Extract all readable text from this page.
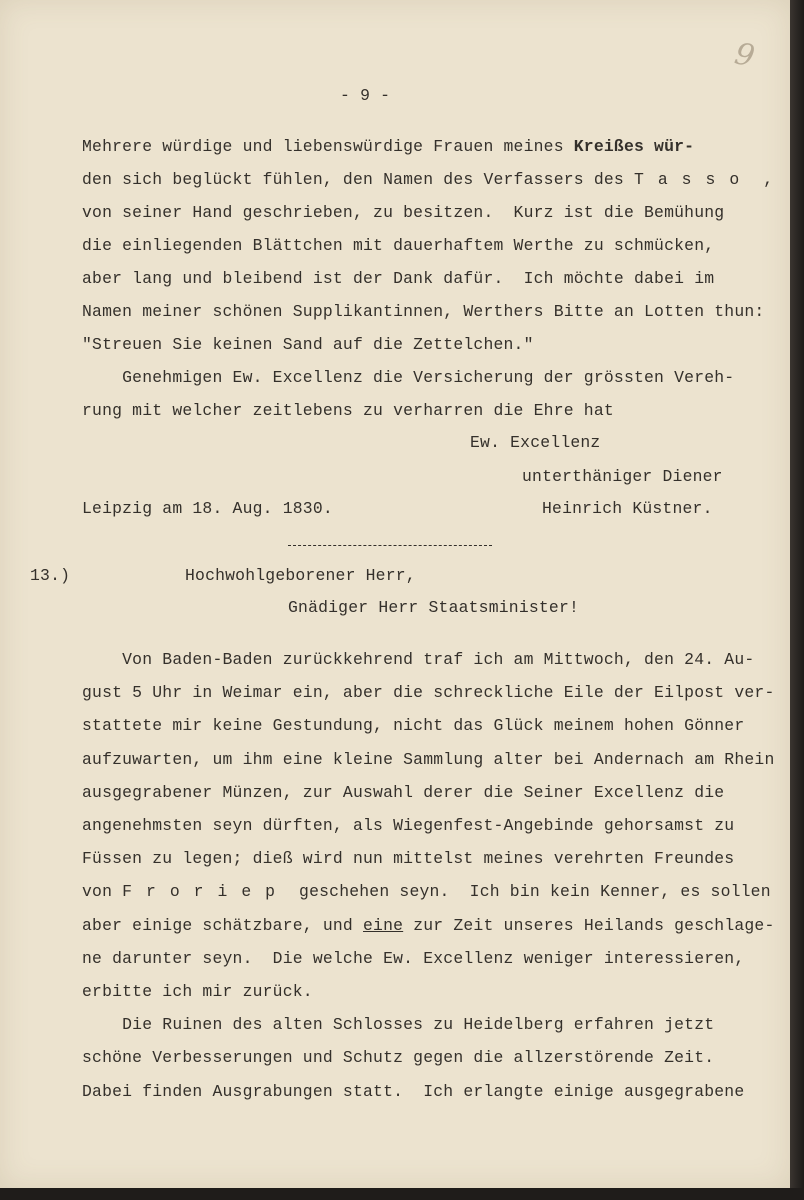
9
- 9 -
Mehrere würdige und liebenswürdige Frauen meines Kreißes wür-
den sich beglückt fühlen, den Namen des Verfassers des Tasso ,
von seiner Hand geschrieben, zu besitzen.  Kurz ist die Bemühung
die einliegenden Blättchen mit dauerhaftem Werthe zu schmücken,
aber lang und bleibend ist der Dank dafür.  Ich möchte dabei im
Namen meiner schönen Supplikantinnen, Werthers Bitte an Lotten thun:
"Streuen Sie keinen Sand auf die Zettelchen."
Genehmigen Ew. Excellenz die Versicherung der grössten Vereh-
rung mit welcher zeitlebens zu verharren die Ehre hat
Ew. Excellenz
unterthäniger Diener
Leipzig am 18. Aug. 1830.	Heinrich Küstner.
13.)	Hochwohlgeborener Herr,
Gnädiger Herr Staatsminister!
Von Baden-Baden zurückkehrend traf ich am Mittwoch, den 24. Au-
gust 5 Uhr in Weimar ein, aber die schreckliche Eile der Eilpost ver-
stattete mir keine Gestundung, nicht das Glück meinem hohen Gönner
aufzuwarten, um ihm eine kleine Sammlung alter bei Andernach am Rhein
ausgegrabener Münzen, zur Auswahl derer die Seiner Excellenz die
angenehmsten seyn dürften, als Wiegenfest-Angebinde gehorsamst zu
Füssen zu legen; dieß wird nun mittelst meines verehrten Freundes
von Froriep geschehen seyn.  Ich bin kein Kenner, es sollen
aber einige schätzbare, und eine zur Zeit unseres Heilands geschlage-
ne darunter seyn.  Die welche Ew. Excellenz weniger interessieren,
erbitte ich mir zurück.
Die Ruinen des alten Schlosses zu Heidelberg erfahren jetzt
schöne Verbesserungen und Schutz gegen die allzerstörende Zeit.
Dabei finden Ausgrabungen statt.  Ich erlangte einige ausgegrabene
